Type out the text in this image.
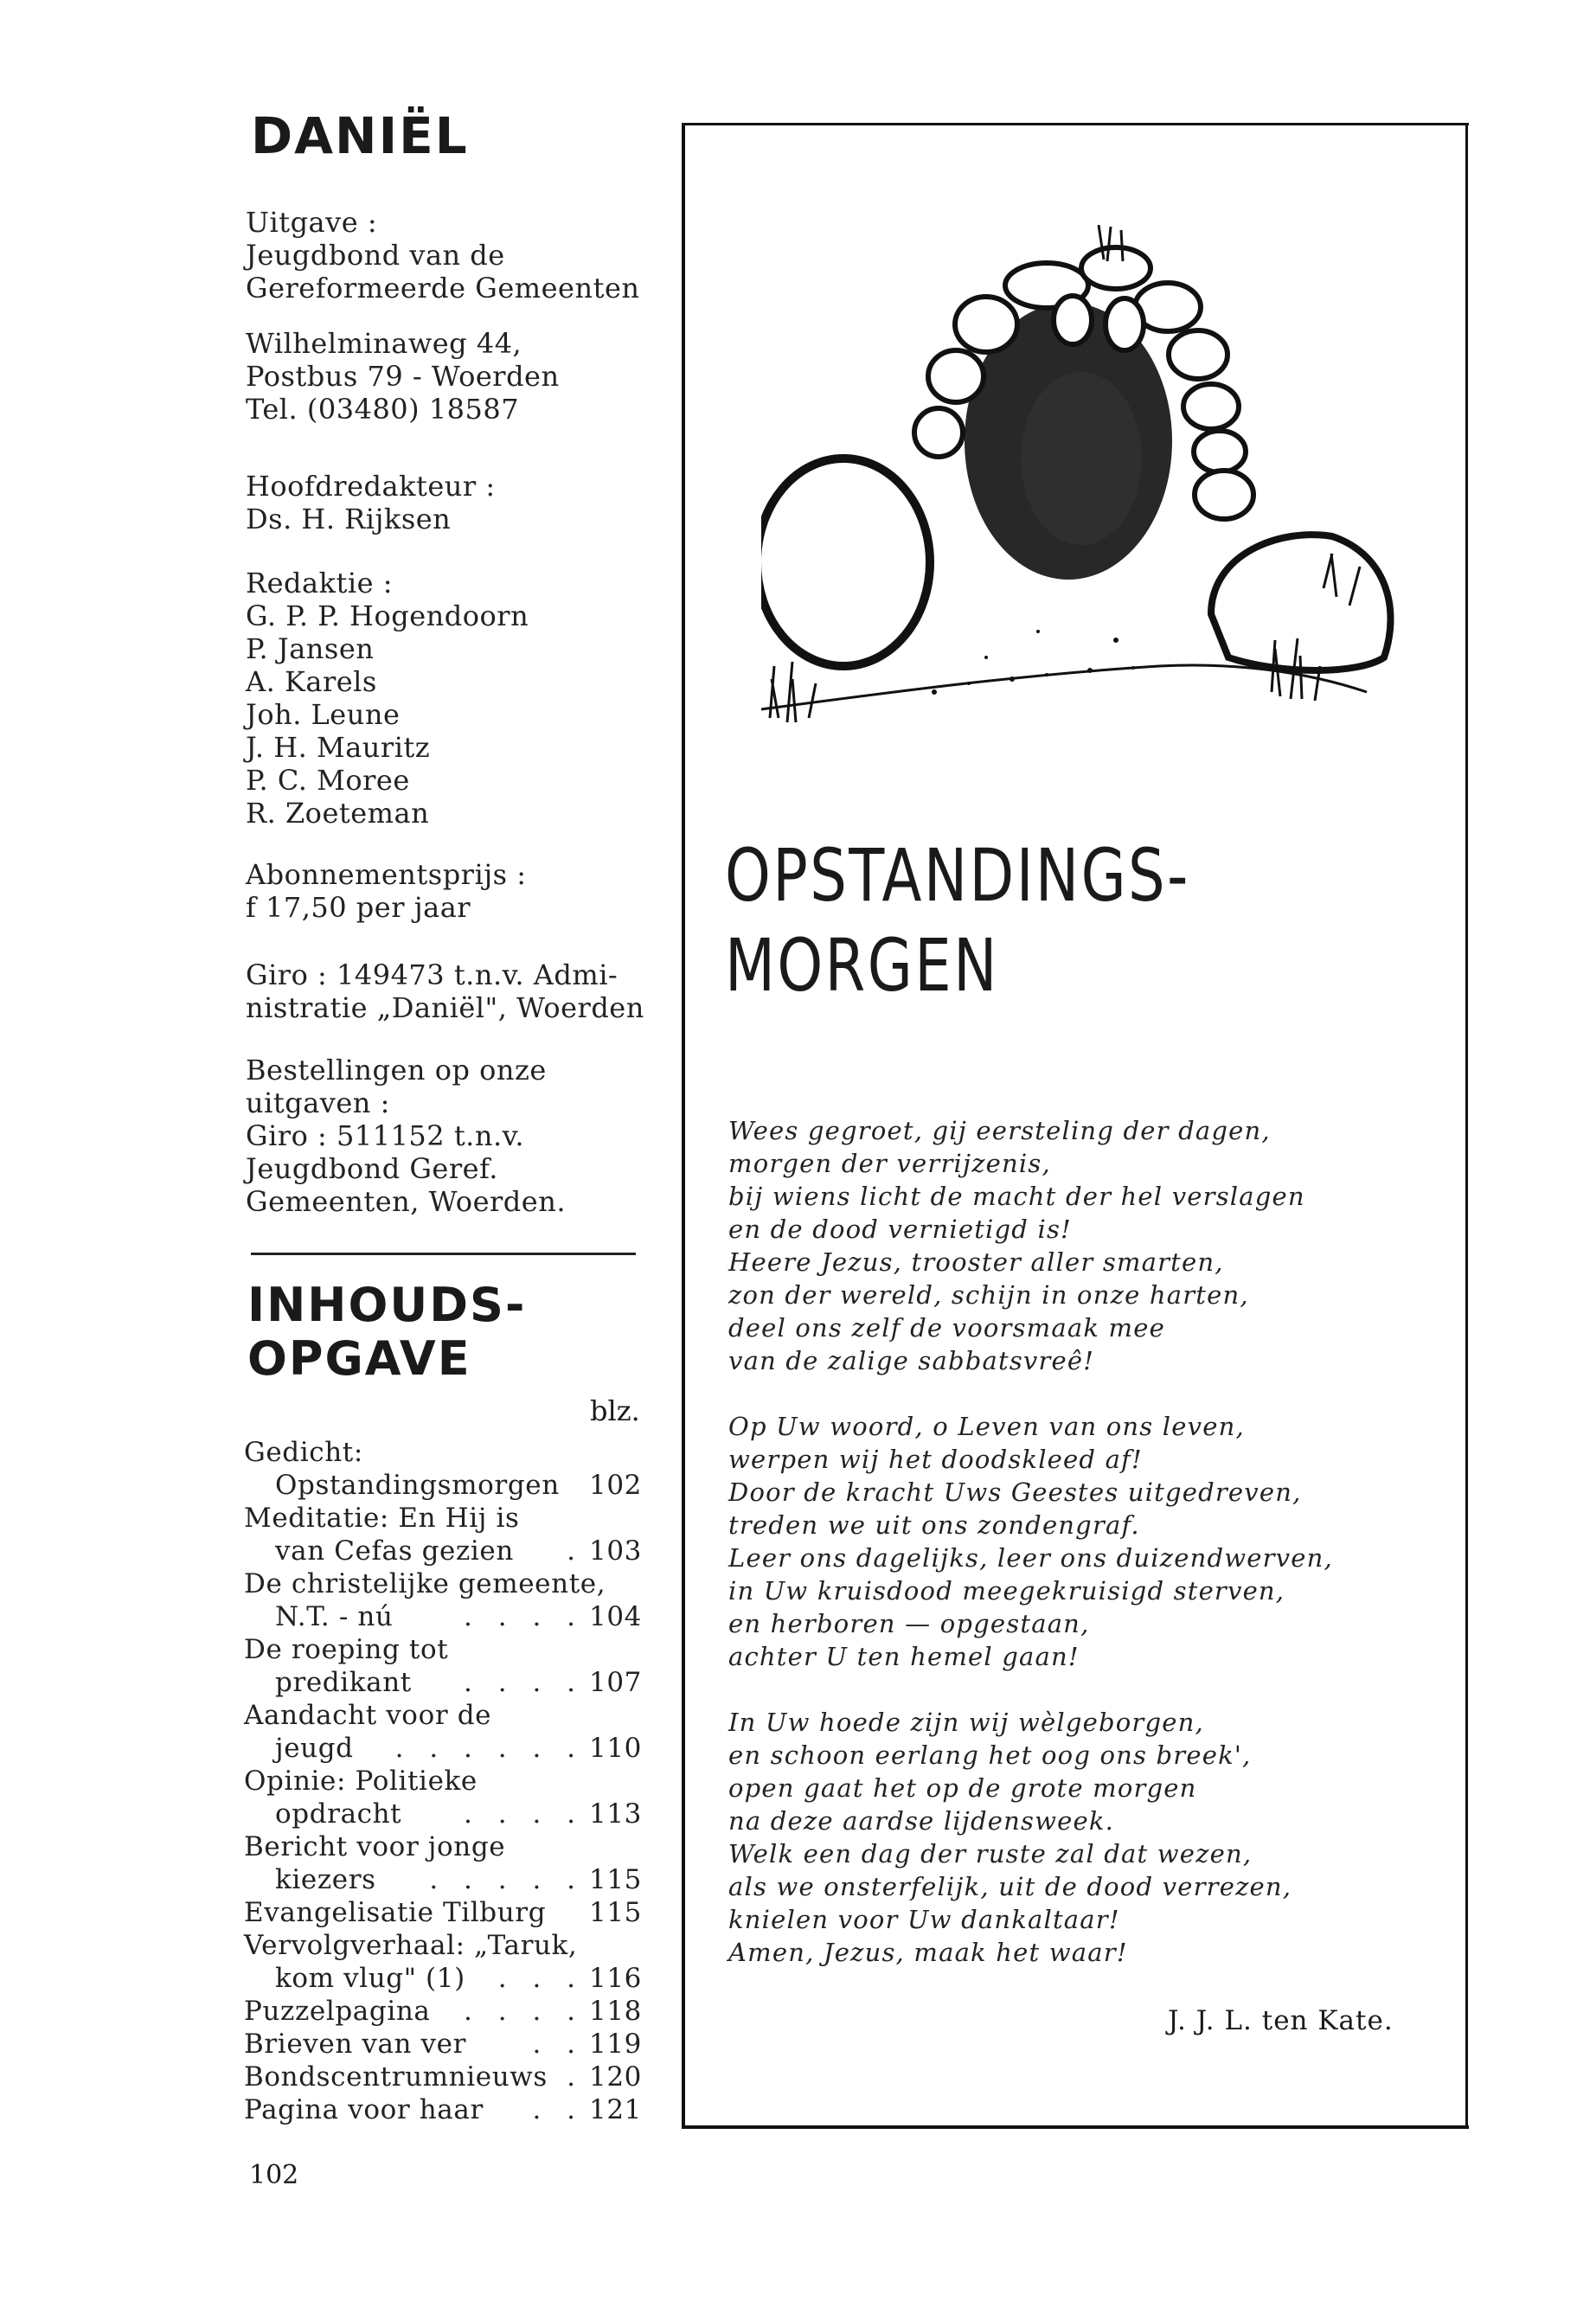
DANIËL
Uitgave :
Jeugdbond van de
Gereformeerde Gemeenten
Wilhelminaweg 44,
Postbus 79 - Woerden
Tel. (03480) 18587
Hoofdredakteur :
Ds. H. Rijksen
Redaktie :
G. P. P. Hogendoorn
P. Jansen
A. Karels
Joh. Leune
J. H. Mauritz
P. C. Moree
R. Zoeteman
Abonnementsprijs :
f 17,50 per jaar
Giro : 149473 t.n.v. Admi-
nistratie „Daniël", Woerden
Bestellingen op onze
uitgaven :
Giro : 511152 t.n.v.
Jeugdbond Geref.
Gemeenten, Woerden.
INHOUDS-
OPGAVE
blz.
Gedicht:
Opstandingsmorgen 102
Meditatie: En Hij is
van Cefas gezien	. 103
De christelijke gemeente,
N.T. - nú	. . . . 104
De roeping tot
predikant	. . . . 107
Aandacht voor de
jeugd	. . . . . . 110
Opinie: Politieke
opdracht	. . . . 113
Bericht voor jonge
kiezers	. . . . . 115
Evangelisatie Tilburg 115
Vervolgverhaal: „Taruk,
kom vlug" (1)	. . . 116
Puzzelpagina	. . . . 118
Brieven van ver	. . 119
Bondscentrumnieuws . 120
Pagina voor haar	. . 121
102
OPSTANDINGS-
MORGEN
Wees gegroet, gij eersteling der dagen,
morgen der verrijzenis,
bij wiens licht de macht der hel verslagen
en de dood vernietigd is!
Heere Jezus, trooster aller smarten,
zon der wereld, schijn in onze harten,
deel ons zelf de voorsmaak mee
van de zalige sabbatsvreê!
Op Uw woord, o Leven van ons leven,
werpen wij het doodskleed af!
Door de kracht Uws Geestes uitgedreven,
treden we uit ons zondengraf.
Leer ons dagelijks, leer ons duizendwerven,
in Uw kruisdood meegekruisigd sterven,
en herboren — opgestaan,
achter U ten hemel gaan!
In Uw hoede zijn wij wèlgeborgen,
en schoon eerlang het oog ons breek',
open gaat het op de grote morgen
na deze aardse lijdensweek.
Welk een dag der ruste zal dat wezen,
als we onsterfelijk, uit de dood verrezen,
knielen voor Uw dankaltaar!
Amen, Jezus, maak het waar!
J. J. L. ten Kate.
